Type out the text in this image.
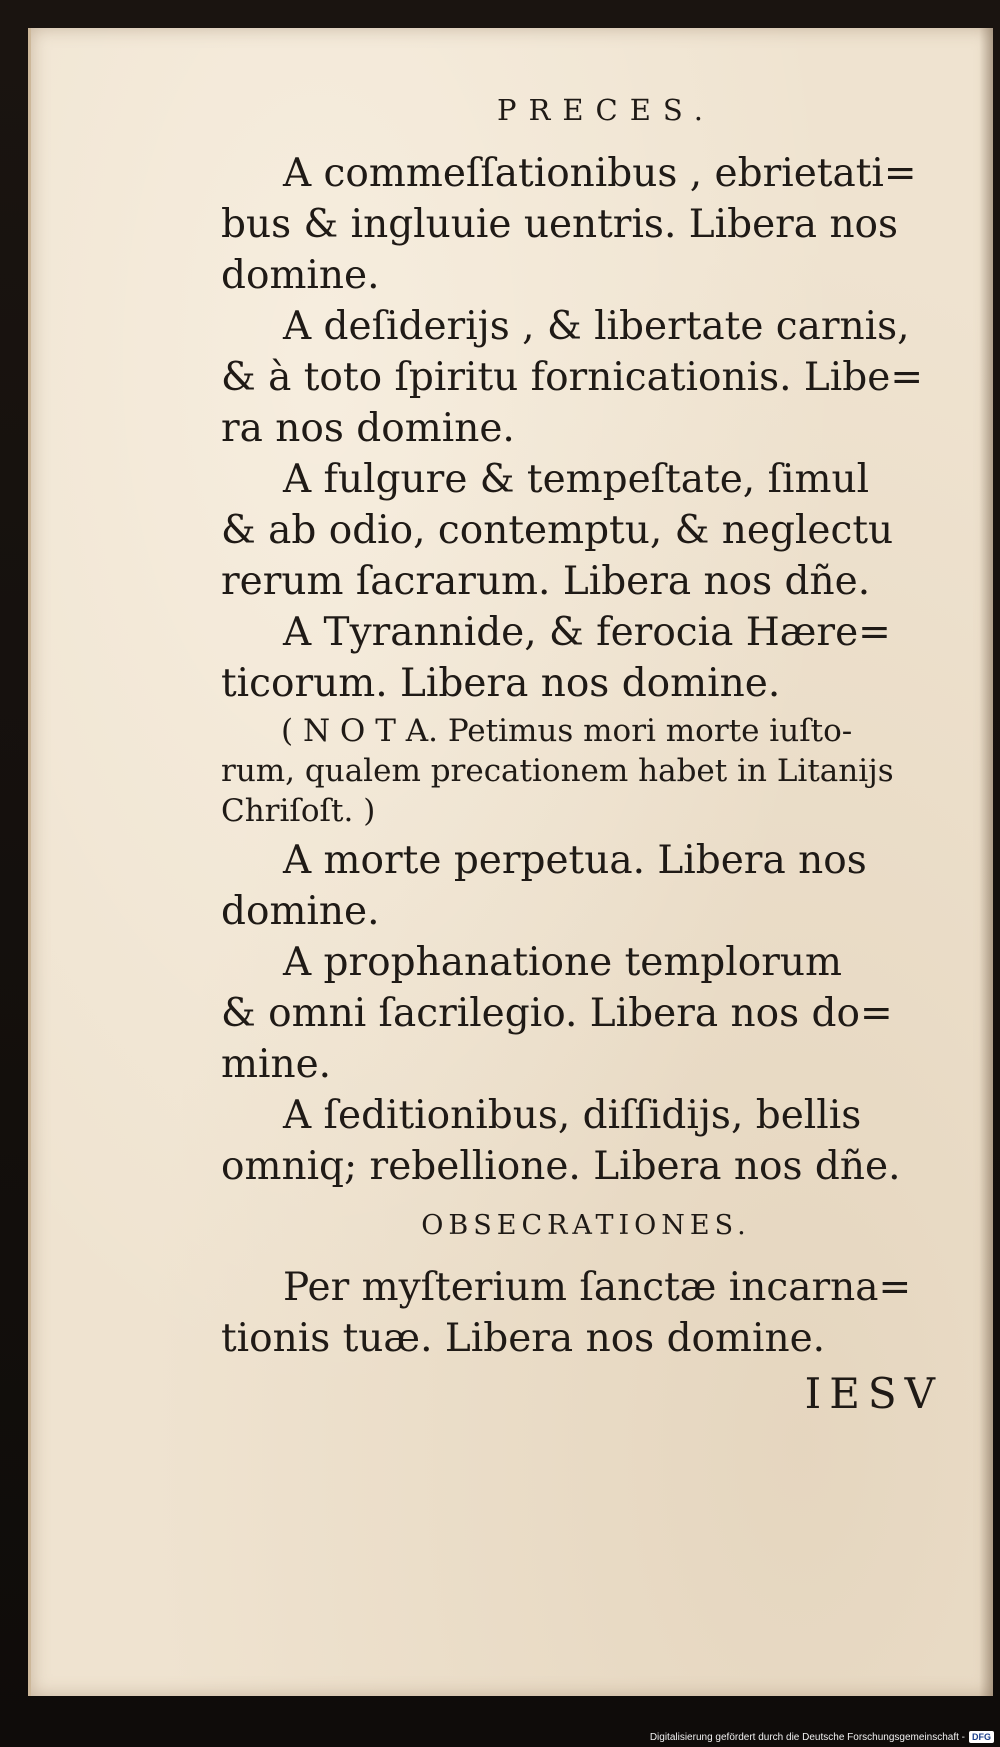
PRECES.
A commeſſationibus , ebrietati=
bus & ingluuie uentris. Libera nos
domine.
A deſiderijs , & libertate carnis,
& à toto ſpiritu fornicationis. Libe=
ra nos domine.
A fulgure & tempeſtate, ſimul
& ab odio, contemptu, & neglectu
rerum ſacrarum. Libera nos dñe.
A Tyrannide, & ferocia Hære=
ticorum. Libera nos domine.
( N O T A. Petimus mori morte iuſto-
rum, qualem precationem habet in Litanijs
Chriſoſt. )
A morte perpetua. Libera nos
domine.
A prophanatione templorum
& omni ſacrilegio. Libera nos do=
mine.
A ſeditionibus, diſſidijs, bellis
omniq; rebellione. Libera nos dñe.
OBSECRATIONES.
Per myſterium ſanctæ incarna=
tionis tuæ. Libera nos domine.
IESV
Digitalisierung gefördert durch die Deutsche Forschungsgemeinschaft - DFG
